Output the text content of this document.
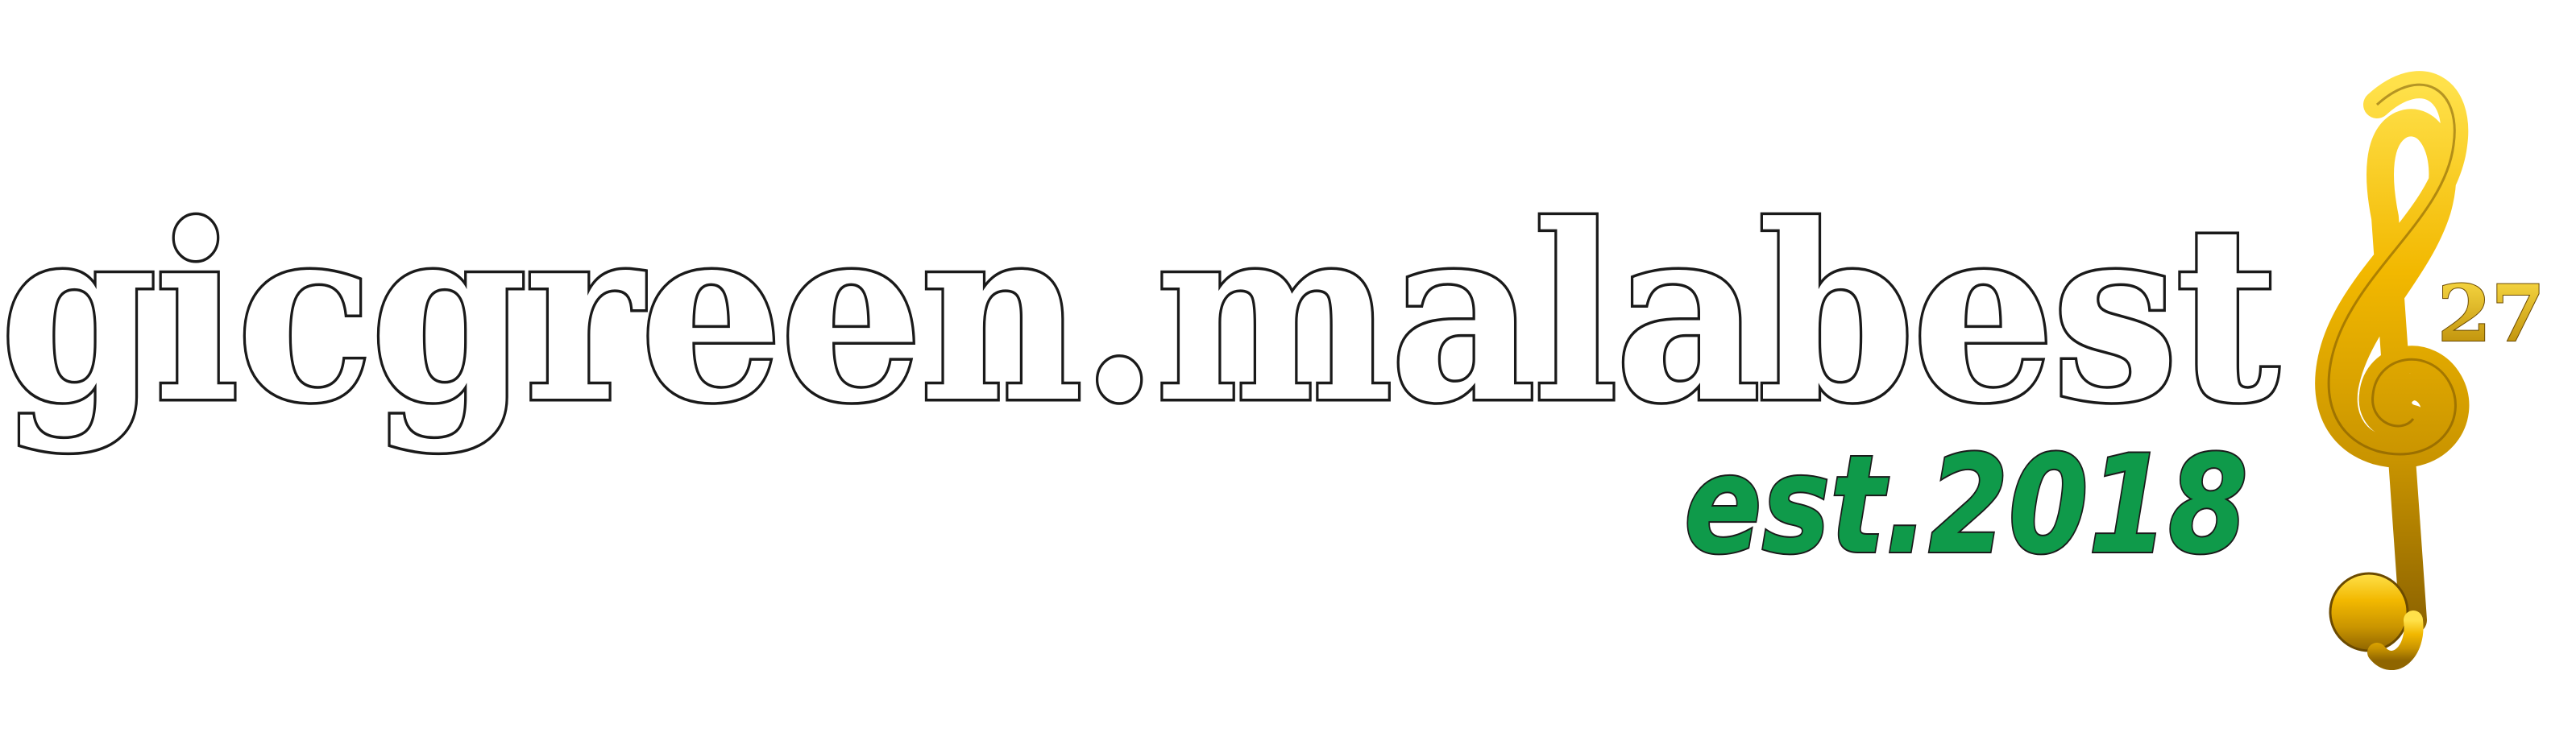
gicgreen.malabest
est.2018
27
